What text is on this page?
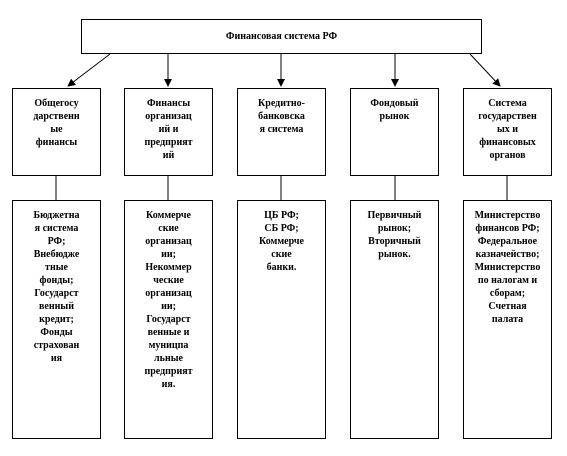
Финансовая система РФ
Общегосу
дарственн
ые
финансы
Финансы
организац
ий и
предприят
ий
Кредитно-
банковска
я система
Фондовый
рынок
Система
государствен
ых и
финансовых
органов
Бюджетна
я система
РФ;
Внебюдже
тные
фонды;
Государст
венный
кредит;
Фонды
страхован
ия
Коммерче
ские
организац
ии;
Некоммер
ческие
организац
ии;
Государст
венные и
муницпа
льные
предприят
ия.
ЦБ РФ;
СБ РФ;
Коммерче
ские
банки.
Первичный
рынок;
Вторичный
рынок.
Министерство
финансов РФ;
Федеральное
казначейство;
Министерство
по налогам и
сборам;
Счетная
палата
